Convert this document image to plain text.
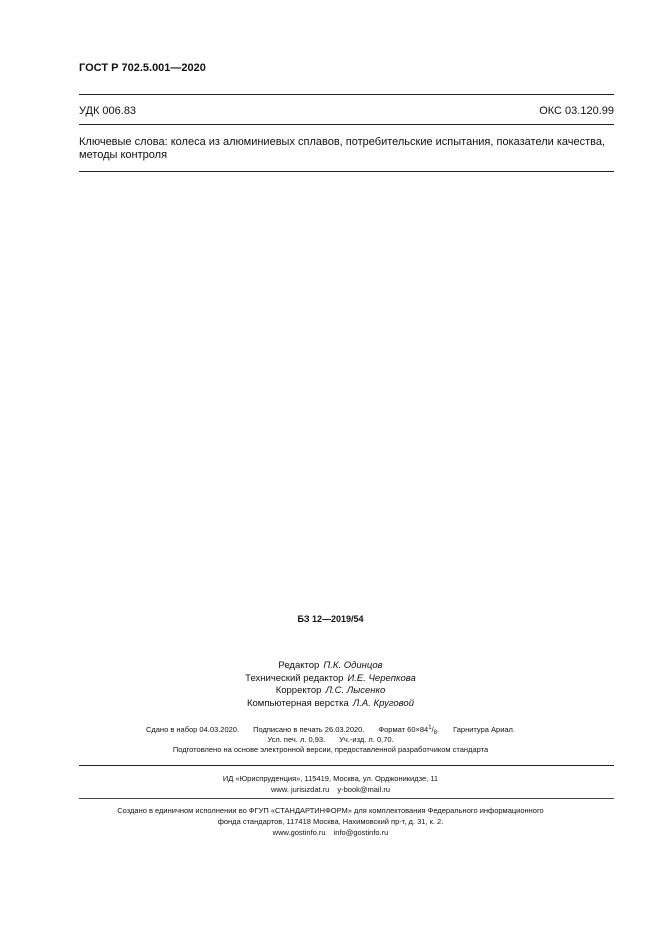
ГОСТ Р 702.5.001—2020
УДК 006.83	ОКС 03.120.99
Ключевые слова: колеса из алюминиевых сплавов, потребительские испытания, показатели качества, методы контроля
БЗ 12—2019/54
Редактор П.К. Одинцов
Технический редактор И.Е. Черепкова
Корректор Л.С. Лысенко
Компьютерная верстка Л.А. Круговой
Сдано в набор 04.03.2020. Подписано в печать 26.03.2020. Формат $60\times 84^1/_8$. Гарнитура Ариал.
Усл. печ. л. 0,93. Уч.-изд. л. 0,70.
Подготовлено на основе электронной версии, предоставленной разработчиком стандарта
ИД «Юриспруденция», 115419, Москва, ул. Орджоникидзе, 11
www. jurisizdat.ru y-book@mail.ru
Создано в единичном исполнении во ФГУП «СТАНДАРТИНФОРМ» для комплектования Федерального информационного
фонда стандартов, 117418 Москва, Нахимовский пр-т, д. 31, к. 2.
www.gostinfo.ru info@gostinfo.ru
